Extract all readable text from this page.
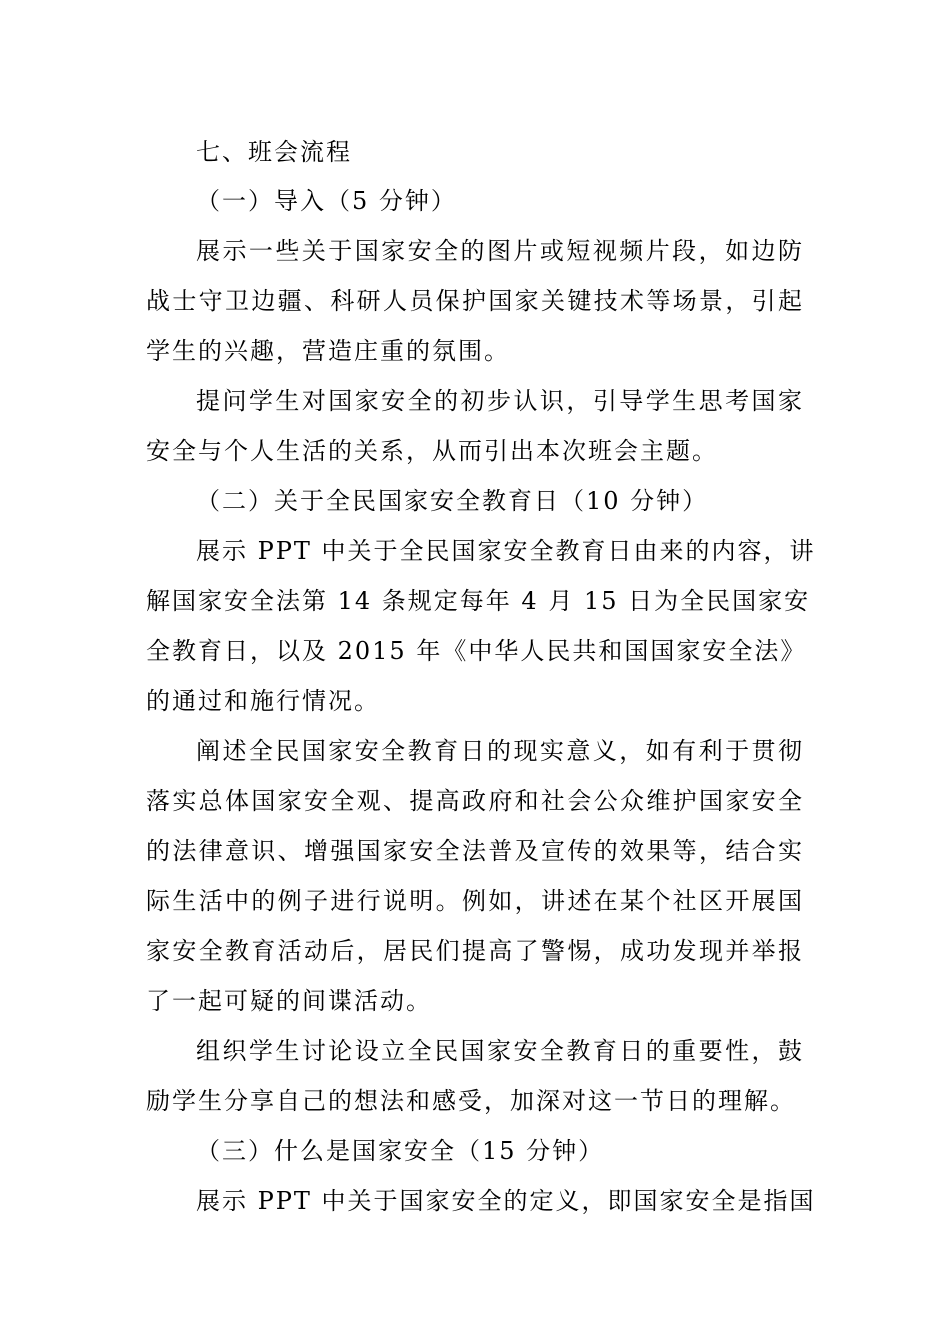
七、班会流程
（一）导入（5 分钟）
展示一些关于国家安全的图片或短视频片段，如边防
战士守卫边疆、科研人员保护国家关键技术等场景，引起
学生的兴趣，营造庄重的氛围。
提问学生对国家安全的初步认识，引导学生思考国家
安全与个人生活的关系，从而引出本次班会主题。
（二）关于全民国家安全教育日（10 分钟）
展示 PPT 中关于全民国家安全教育日由来的内容，讲
解国家安全法第 14 条规定每年 4 月 15 日为全民国家安
全教育日，以及 2015 年《中华人民共和国国家安全法》
的通过和施行情况。
阐述全民国家安全教育日的现实意义，如有利于贯彻
落实总体国家安全观、提高政府和社会公众维护国家安全
的法律意识、增强国家安全法普及宣传的效果等，结合实
际生活中的例子进行说明。例如，讲述在某个社区开展国
家安全教育活动后，居民们提高了警惕，成功发现并举报
了一起可疑的间谍活动。
组织学生讨论设立全民国家安全教育日的重要性，鼓
励学生分享自己的想法和感受，加深对这一节日的理解。
（三）什么是国家安全（15 分钟）
展示 PPT 中关于国家安全的定义，即国家安全是指国
